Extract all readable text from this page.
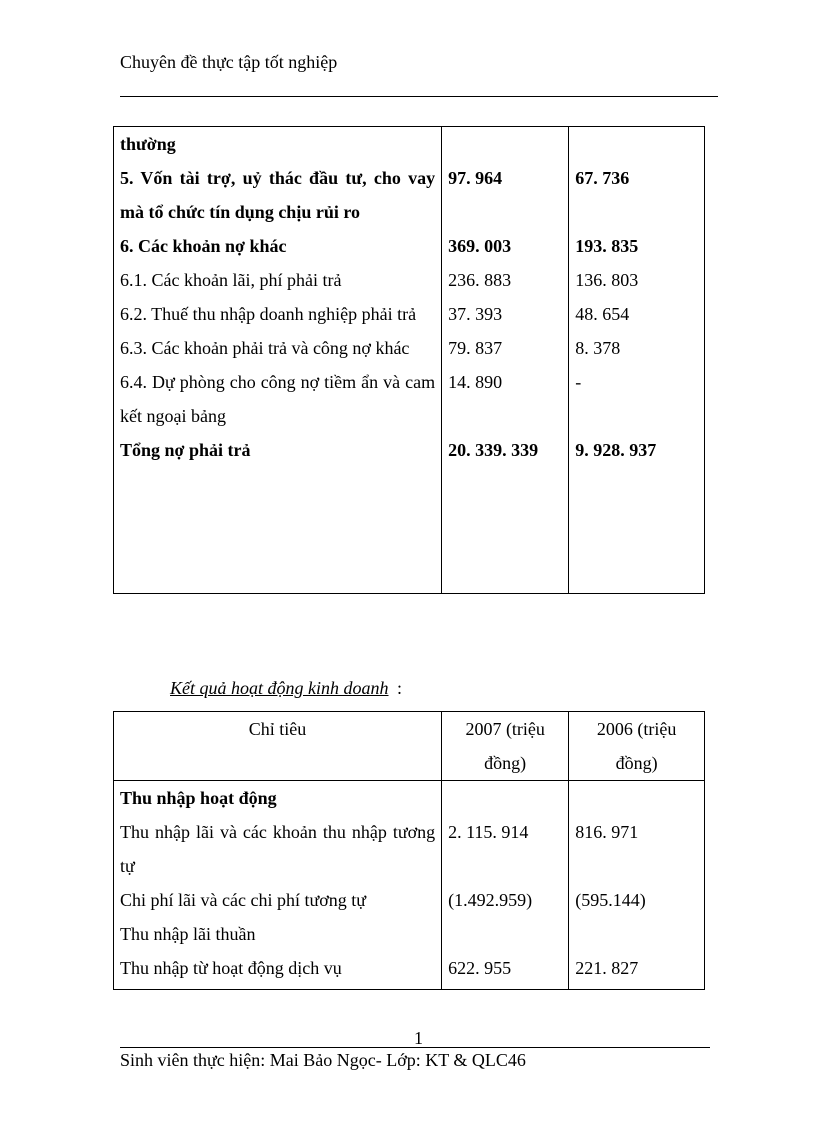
Chuyên đề thực tập tốt nghiệp
thường		
5. Vốn tài trợ, uỷ thác đầu tư, cho vay mà tổ chức tín dụng chịu rủi ro	97. 964	67. 736
6. Các khoản nợ khác	369. 003	193. 835
6.1. Các khoản lãi, phí phải trả	236. 883	136. 803
6.2. Thuế thu nhập doanh nghiệp phải trả	37. 393	48. 654
6.3. Các khoản phải trả và công nợ khác	79. 837	8. 378
6.4. Dự phòng cho công nợ tiềm ẩn và cam kết ngoại bảng	14. 890	-
Tổng nợ phải trả	20. 339. 339	9. 928. 937
Kết quả hoạt động kinh doanh :
Chỉ tiêu	2007 (triệu đồng)	2006 (triệu đồng)
Thu nhập hoạt động		
Thu nhập lãi và các khoản thu nhập tương tự	2. 115. 914	816. 971
Chi phí lãi và các chi phí tương tự	(1.492.959)	(595.144)
Thu nhập lãi thuần		
Thu nhập từ hoạt động dịch vụ	622. 955	221. 827
1
Sinh viên thực hiện: Mai Bảo Ngọc- Lớp: KT & QLC46
